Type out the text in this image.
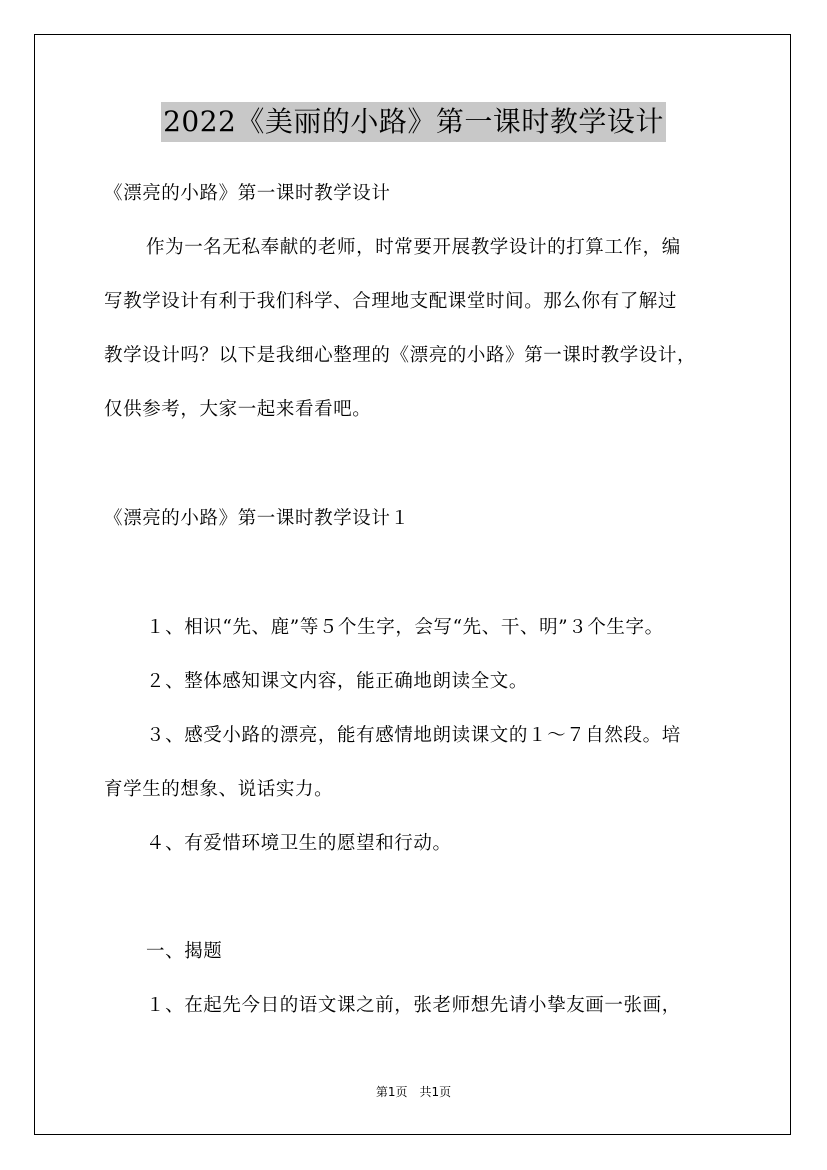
2022《美丽的小路》第一课时教学设计
《漂亮的小路》第一课时教学设计
作为一名无私奉献的老师，时常要开展教学设计的打算工作，编
写教学设计有利于我们科学、合理地支配课堂时间。那么你有了解过
教学设计吗？以下是我细心整理的《漂亮的小路》第一课时教学设计，
仅供参考，大家一起来看看吧。
《漂亮的小路》第一课时教学设计１
１、相识“先、鹿”等５个生字，会写“先、干、明”３个生字。
２、整体感知课文内容，能正确地朗读全文。
３、感受小路的漂亮，能有感情地朗读课文的１～７自然段。培
育学生的想象、说话实力。
４、有爱惜环境卫生的愿望和行动。
一、揭题
１、在起先今日的语文课之前，张老师想先请小挚友画一张画，
第1页　共1页
